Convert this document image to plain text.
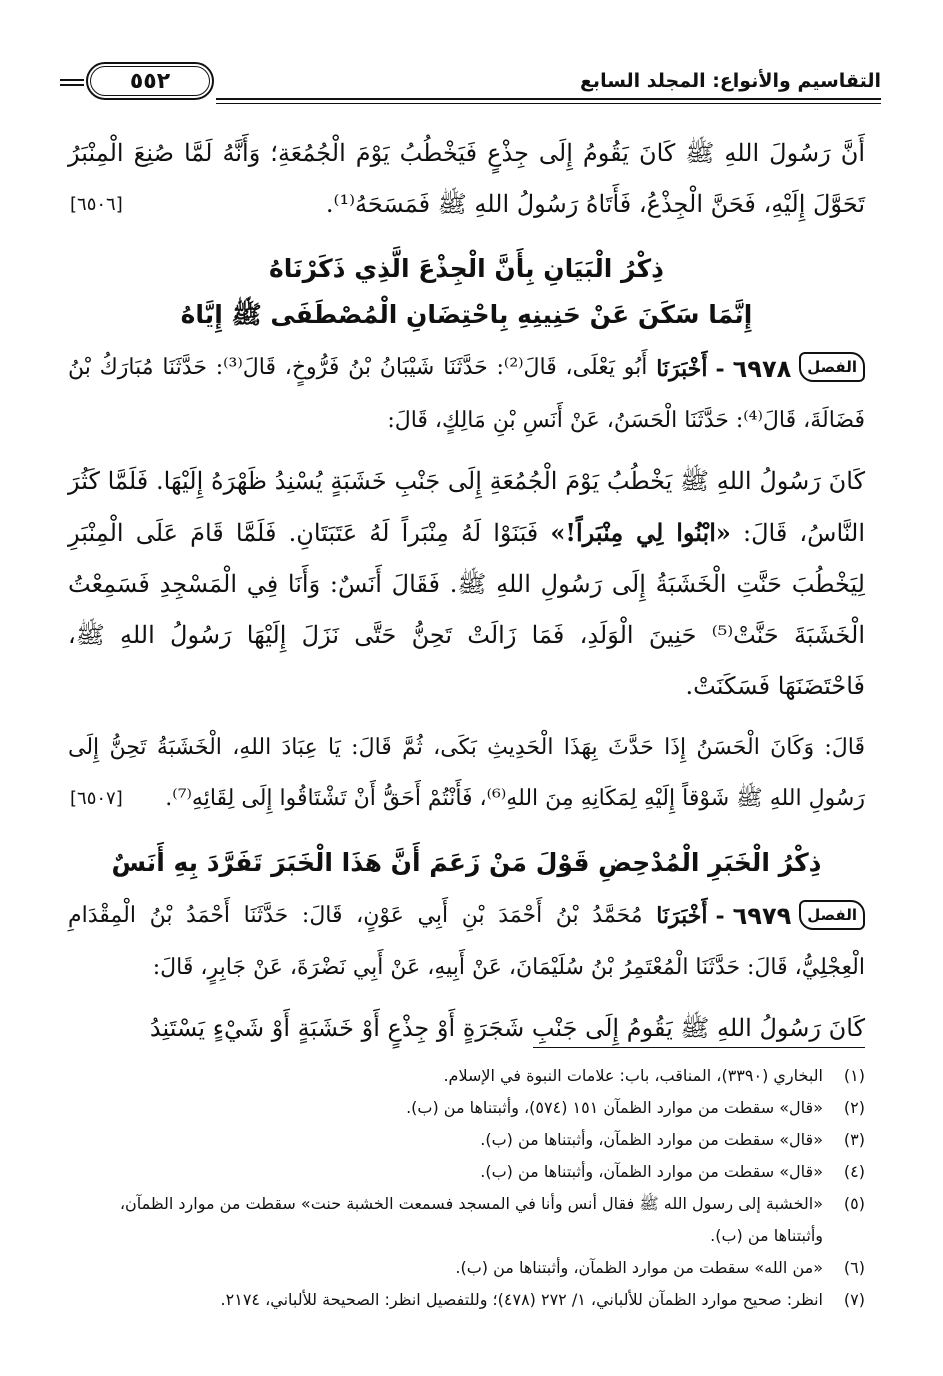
التقاسيم والأنواع: المجلد السابع
٥٥٢

أَنَّ رَسُولَ اللهِ ﷺ كَانَ يَقُومُ إِلَى جِذْعٍ فَيَخْطُبُ يَوْمَ الْجُمُعَةِ؛ وَأَنَّهُ لَمَّا صُنِعَ الْمِنْبَرُ تَحَوَّلَ إِلَيْهِ، فَحَنَّ الْجِذْعُ، فَأَتَاهُ رَسُولُ اللهِ ﷺ فَمَسَحَهُ⁽¹⁾.
[٦٥٠٦]

ذِكْرُ الْبَيَانِ بِأَنَّ الْجِذْعَ الَّذِي ذَكَرْنَاهُ
إِنَّمَا سَكَنَ عَنْ حَنِينِهِ بِاحْتِضَانِ الْمُصْطَفَى ﷺ إِيَّاهُ

الفصل
٦٩٧٨
-
أَخْبَرَنَا
أَبُو يَعْلَى، قَالَ⁽²⁾: حَدَّثَنَا شَيْبَانُ بْنُ فَرُّوخٍ، قَالَ⁽³⁾: حَدَّثَنَا مُبَارَكُ بْنُ فَضَالَةَ، قَالَ⁽⁴⁾: حَدَّثَنَا الْحَسَنُ، عَنْ أَنَسِ بْنِ مَالِكٍ، قَالَ:

كَانَ رَسُولُ اللهِ ﷺ يَخْطُبُ يَوْمَ الْجُمُعَةِ إِلَى جَنْبِ خَشَبَةٍ يُسْنِدُ ظَهْرَهُ إِلَيْهَا. فَلَمَّا كَثُرَ النَّاسُ، قَالَ: «ابْنُوا لِي مِنْبَراً!» فَبَنَوْا لَهُ مِنْبَراً لَهُ عَتَبَتَانِ. فَلَمَّا قَامَ عَلَى الْمِنْبَرِ لِيَخْطُبَ حَنَّتِ الْخَشَبَةُ إِلَى رَسُولِ اللهِ ﷺ. فَقَالَ أَنَسٌ: وَأَنَا فِي الْمَسْجِدِ فَسَمِعْتُ الْخَشَبَةَ حَنَّتْ⁽⁵⁾ حَنِينَ الْوَلَدِ، فَمَا زَالَتْ تَحِنُّ حَتَّى نَزَلَ إِلَيْهَا رَسُولُ اللهِ ﷺ، فَاحْتَضَنَهَا فَسَكَنَتْ.

قَالَ: وَكَانَ الْحَسَنُ إِذَا حَدَّثَ بِهَذَا الْحَدِيثِ بَكَى، ثُمَّ قَالَ: يَا عِبَادَ اللهِ، الْخَشَبَةُ تَحِنُّ إِلَى رَسُولِ اللهِ ﷺ شَوْقاً إِلَيْهِ لِمَكَانِهِ مِنَ اللهِ⁽⁶⁾، فَأَنْتُمْ أَحَقُّ أَنْ تَشْتَاقُوا إِلَى لِقَائِهِ⁽⁷⁾.
[٦٥٠٧]

ذِكْرُ الْخَبَرِ الْمُدْحِضِ قَوْلَ مَنْ زَعَمَ أَنَّ هَذَا الْخَبَرَ تَفَرَّدَ بِهِ أَنَسٌ

الفصل
٦٩٧٩
-
أَخْبَرَنَا
مُحَمَّدُ بْنُ أَحْمَدَ بْنِ أَبِي عَوْنٍ، قَالَ: حَدَّثَنَا أَحْمَدُ بْنُ الْمِقْدَامِ الْعِجْلِيُّ، قَالَ: حَدَّثَنَا الْمُعْتَمِرُ بْنُ سُلَيْمَانَ، عَنْ أَبِيهِ، عَنْ أَبِي نَضْرَةَ، عَنْ جَابِرٍ، قَالَ:

كَانَ رَسُولُ اللهِ ﷺ يَقُومُ إِلَى جَنْبِ شَجَرَةٍ أَوْ جِذْعٍ أَوْ خَشَبَةٍ أَوْ شَيْءٍ يَسْتَنِدُ

(١)
البخاري (٣٣٩٠)، المناقب، باب: علامات النبوة في الإسلام.
(٢)
«قال» سقطت من موارد الظمآن ١٥١ (٥٧٤)، وأثبتناها من (ب).
(٣)
«قال» سقطت من موارد الظمآن، وأثبتناها من (ب).
(٤)
«قال» سقطت من موارد الظمآن، وأثبتناها من (ب).
(٥)
«الخشبة إلى رسول الله ﷺ فقال أنس وأنا في المسجد فسمعت الخشبة حنت» سقطت من موارد الظمآن، وأثبتناها من (ب).
(٦)
«من الله» سقطت من موارد الظمآن، وأثبتناها من (ب).
(٧)
انظر: صحيح موارد الظمآن للألباني، ١/ ٢٧٢ (٤٧٨)؛ وللتفصيل انظر: الصحيحة للألباني، ٢١٧٤.
